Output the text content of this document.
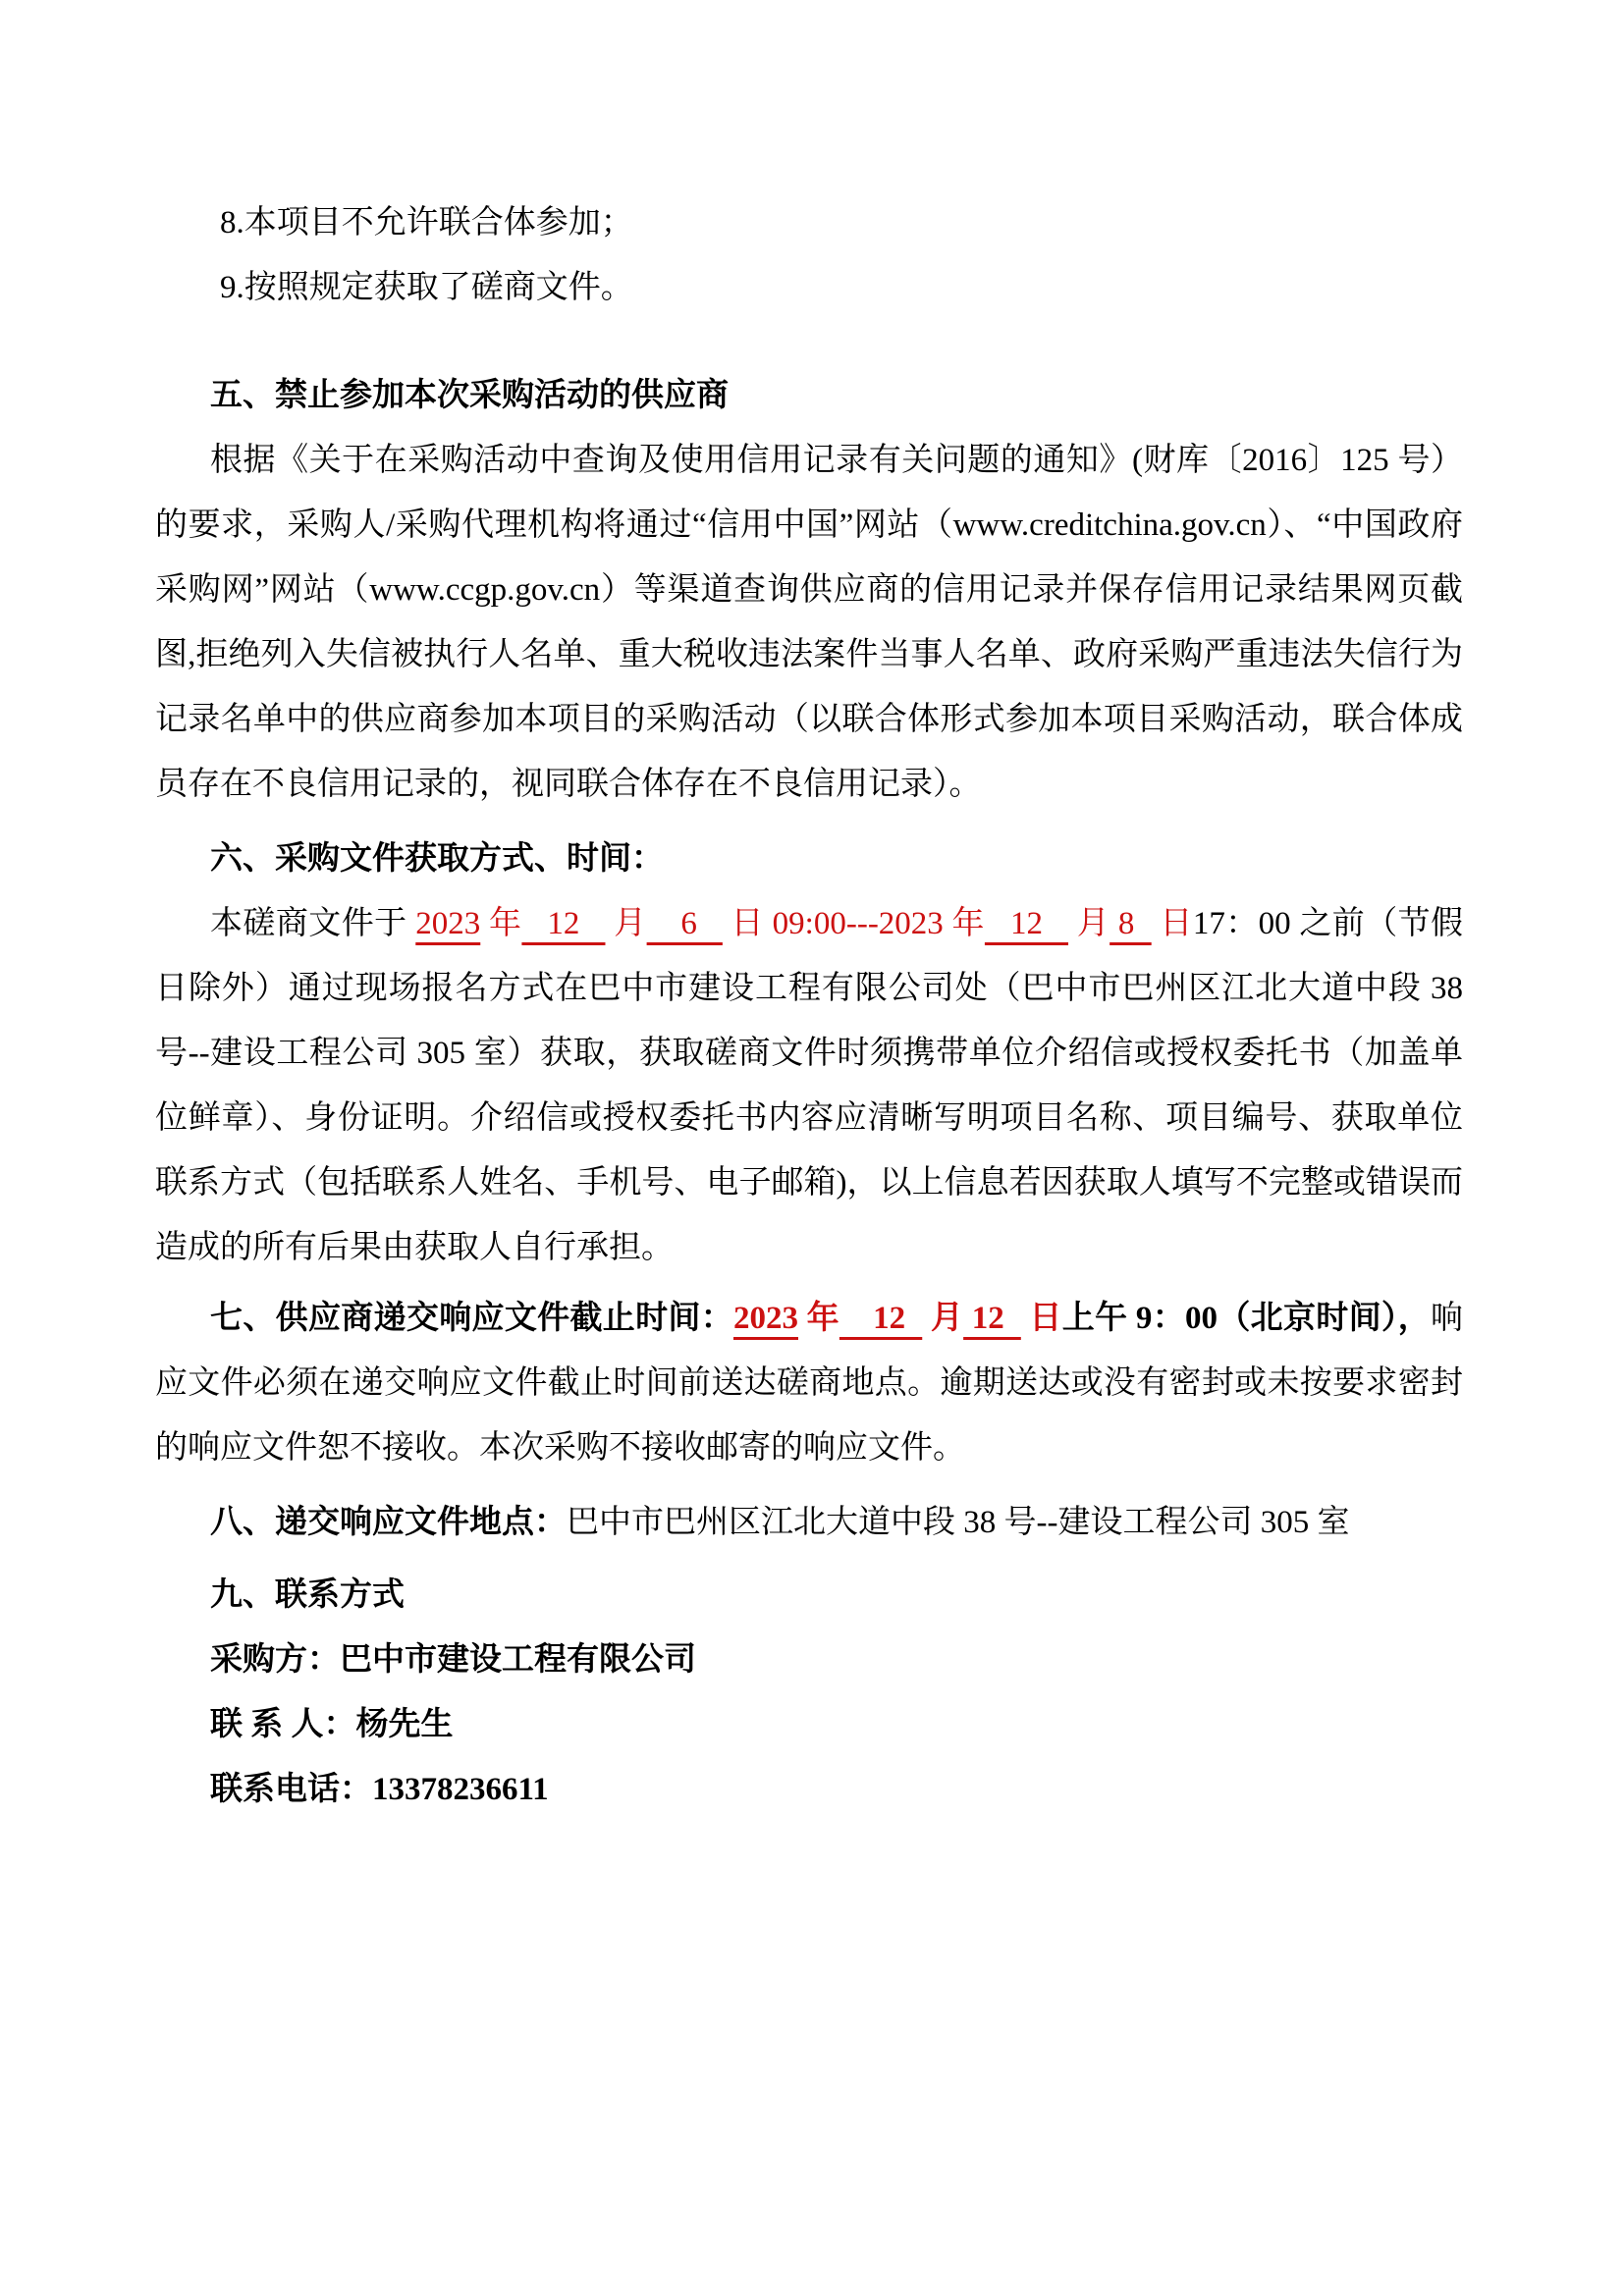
8.本项目不允许联合体参加；
9.按照规定获取了磋商文件。
五、禁止参加本次采购活动的供应商
根据《关于在采购活动中查询及使用信用记录有关问题的通知》(财库〔2016〕125 号） 的要求，采购人/采购代理机构将通过“信用中国”网站（www.creditchina.gov.cn）、“中国政府采购网”网站（www.ccgp.gov.cn）等渠道查询供应商的信用记录并保存信用记录结果网页截图,拒绝列入失信被执行人名单、重大税收违法案件当事人名单、政府采购严重违法失信行为记录名单中的供应商参加本项目的采购活动（以联合体形式参加本项目采购活动，联合体成员存在不良信用记录的，视同联合体存在不良信用记录）。
六、采购文件获取方式、时间：
本磋商文件于 2023 年   12    月    6    日 09:00---2023 年   12    月 8   日17：00 之前（节假日除外）通过现场报名方式在巴中市建设工程有限公司处（巴中市巴州区江北大道中段 38 号--建设工程公司 305 室）获取，获取磋商文件时须携带单位介绍信或授权委托书（加盖单位鲜章）、身份证明。介绍信或授权委托书内容应清晰写明项目名称、项目编号、获取单位联系方式（包括联系人姓名、手机号、电子邮箱)，以上信息若因获取人填写不完整或错误而造成的所有后果由获取人自行承担。
七、供应商递交响应文件截止时间：2023 年    12   月 12   日上午 9：00（北京时间），响应文件必须在递交响应文件截止时间前送达磋商地点。逾期送达或没有密封或未按要求密封的响应文件恕不接收。本次采购不接收邮寄的响应文件。
八、递交响应文件地点：巴中市巴州区江北大道中段 38 号--建设工程公司 305 室
九、联系方式
采购方：巴中市建设工程有限公司
联 系 人：杨先生
联系电话：13378236611
